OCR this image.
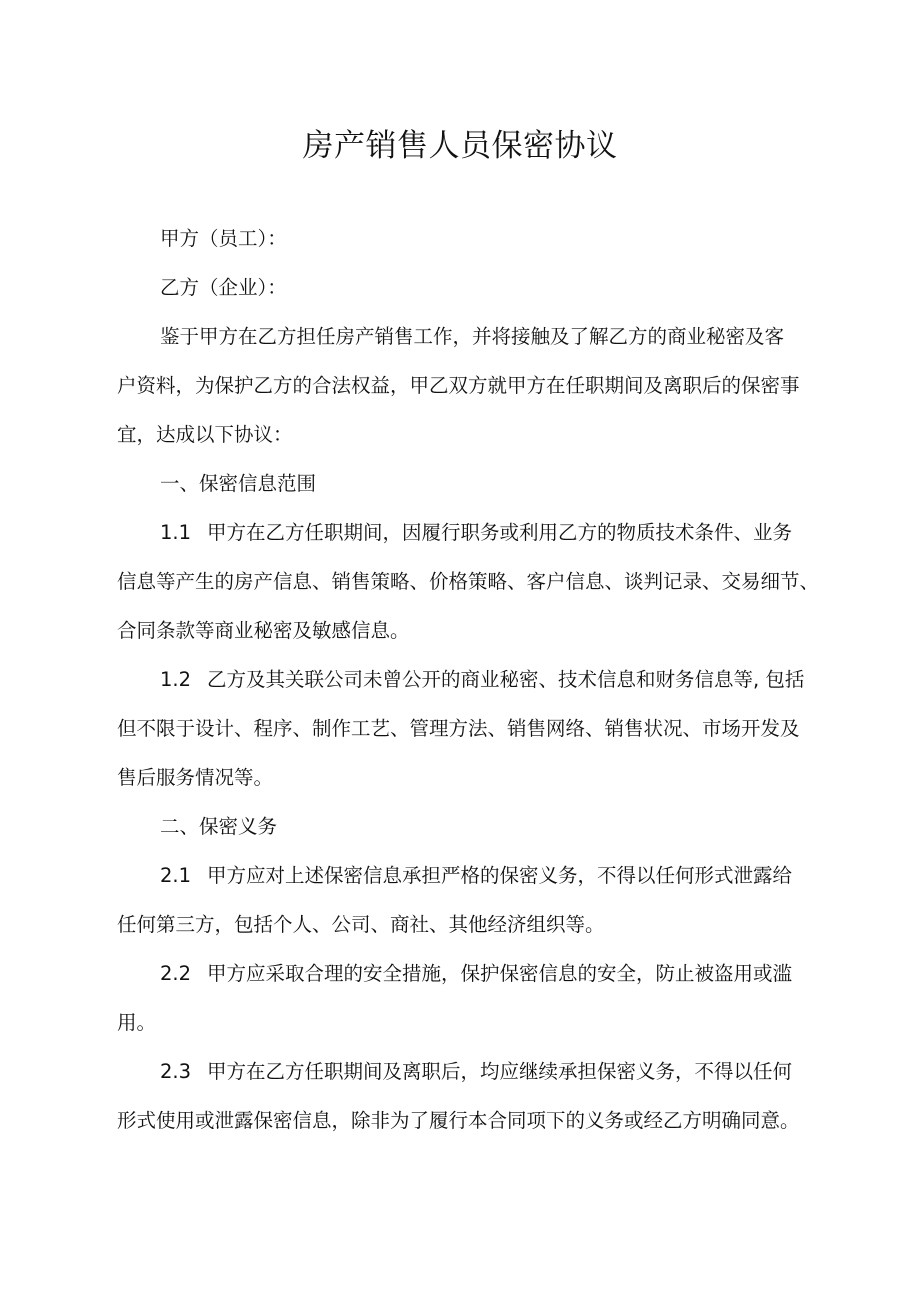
房产销售人员保密协议
甲方（员工）：
乙方（企业）：
鉴于甲方在乙方担任房产销售工作，并将接触及了解乙方的商业秘密及客
户资料，为保护乙方的合法权益，甲乙双方就甲方在任职期间及离职后的保密事
宜，达成以下协议：
一、保密信息范围
1.1 甲方在乙方任职期间，因履行职务或利用乙方的物质技术条件、业务
信息等产生的房产信息、销售策略、价格策略、客户信息、谈判记录、交易细节、
合同条款等商业秘密及敏感信息。
1.2 乙方及其关联公司未曾公开的商业秘密、技术信息和财务信息等, 包括
但不限于设计、程序、制作工艺、管理方法、销售网络、销售状况、市场开发及
售后服务情况等。
二、保密义务
2.1 甲方应对上述保密信息承担严格的保密义务，不得以任何形式泄露给
任何第三方，包括个人、公司、商社、其他经济组织等。
2.2 甲方应采取合理的安全措施，保护保密信息的安全，防止被盗用或滥
用。
2.3 甲方在乙方任职期间及离职后，均应继续承担保密义务，不得以任何
形式使用或泄露保密信息，除非为了履行本合同项下的义务或经乙方明确同意。
